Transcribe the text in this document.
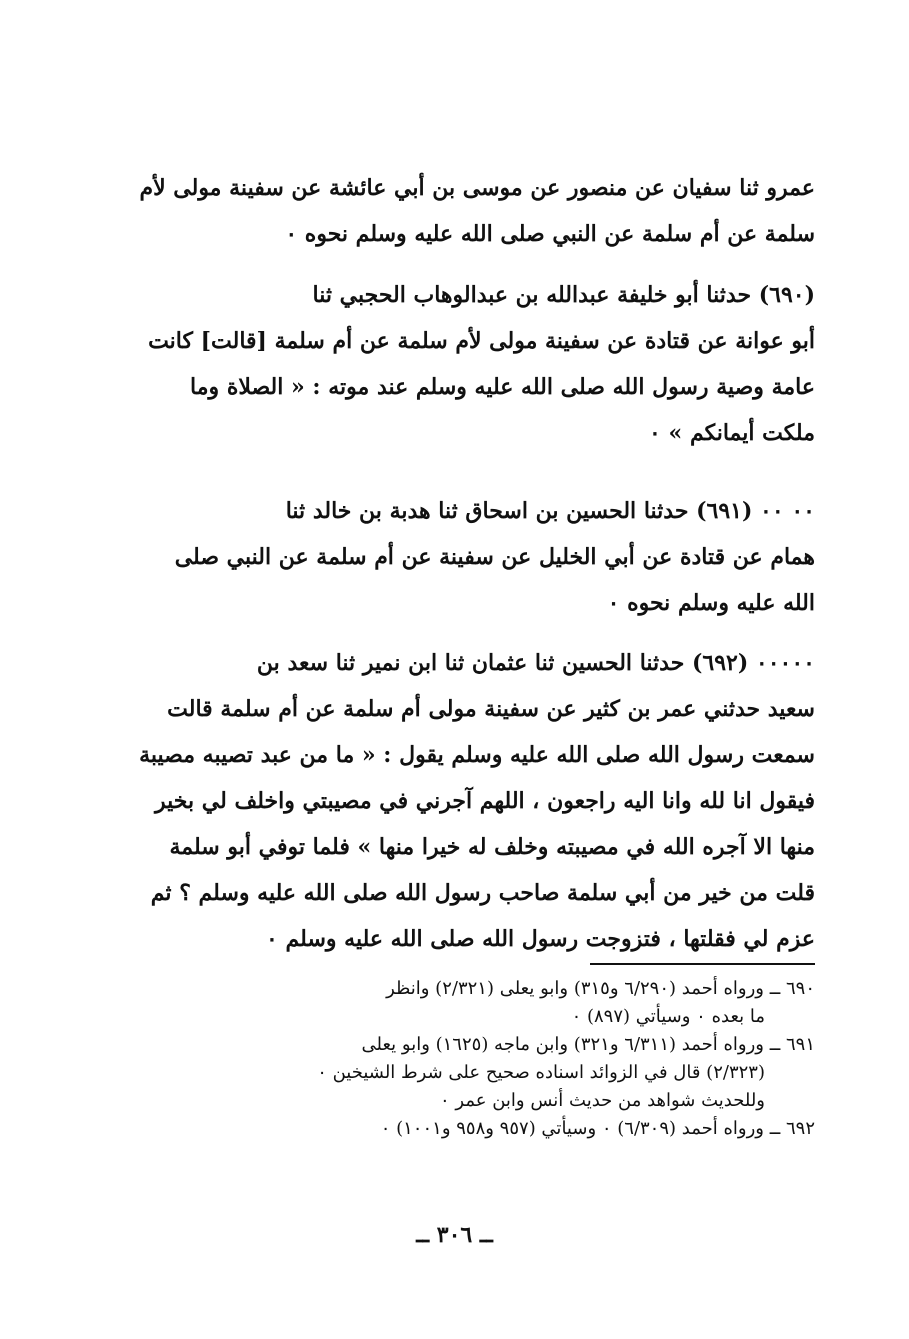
عمرو ثنا سفيان عن منصور عن موسى بن أبي عائشة عن سفينة مولى لأم
سلمة عن أم سلمة عن النبي صلى الله عليه وسلم نحوه ٠
(٦٩٠) حدثنا أبو خليفة عبدالله بن عبدالوهاب الحجبي ثنا
أبو عوانة عن قتادة عن سفينة مولى لأم سلمة عن أم سلمة [قالت] كانت
عامة وصية رسول الله صلى الله عليه وسلم عند موته : « الصلاة وما
ملكت أيمانكم » ٠
٠٠ ٠٠ (٦٩١) حدثنا الحسين بن اسحاق ثنا هدبة بن خالد ثنا
همام عن قتادة عن أبي الخليل عن سفينة عن أم سلمة عن النبي صلى
الله عليه وسلم نحوه ٠
٠٠٠٠٠ (٦٩٢) حدثنا الحسين ثنا عثمان ثنا ابن نمير ثنا سعد بن
سعيد حدثني عمر بن كثير عن سفينة مولى أم سلمة عن أم سلمة قالت
سمعت رسول الله صلى الله عليه وسلم يقول : « ما من عبد تصيبه مصيبة
فيقول انا لله وانا اليه راجعون ، اللهم آجرني في مصيبتي واخلف لي بخير
منها الا آجره الله في مصيبته وخلف له خيرا منها » فلما توفي أبو سلمة
قلت من خير من أبي سلمة صاحب رسول الله صلى الله عليه وسلم ؟ ثم
عزم لي فقلتها ، فتزوجت رسول الله صلى الله عليه وسلم ٠
٦٩٠ ــ ورواه أحمد (٦/٢٩٠ و٣١٥) وابو يعلى (٢/٣٢١) وانظر
ما بعده ٠ وسيأتي (٨٩٧) ٠
٦٩١ ــ ورواه أحمد (٦/٣١١ و٣٢١) وابن ماجه (١٦٢٥) وابو يعلى
(٢/٣٢٣) قال في الزوائد اسناده صحيح على شرط الشيخين ٠
وللحديث شواهد من حديث أنس وابن عمر ٠
٦٩٢ ــ ورواه أحمد (٦/٣٠٩) ٠ وسيأتي (٩٥٧ و٩٥٨ و١٠٠١) ٠
ــ ٣٠٦ ــ
